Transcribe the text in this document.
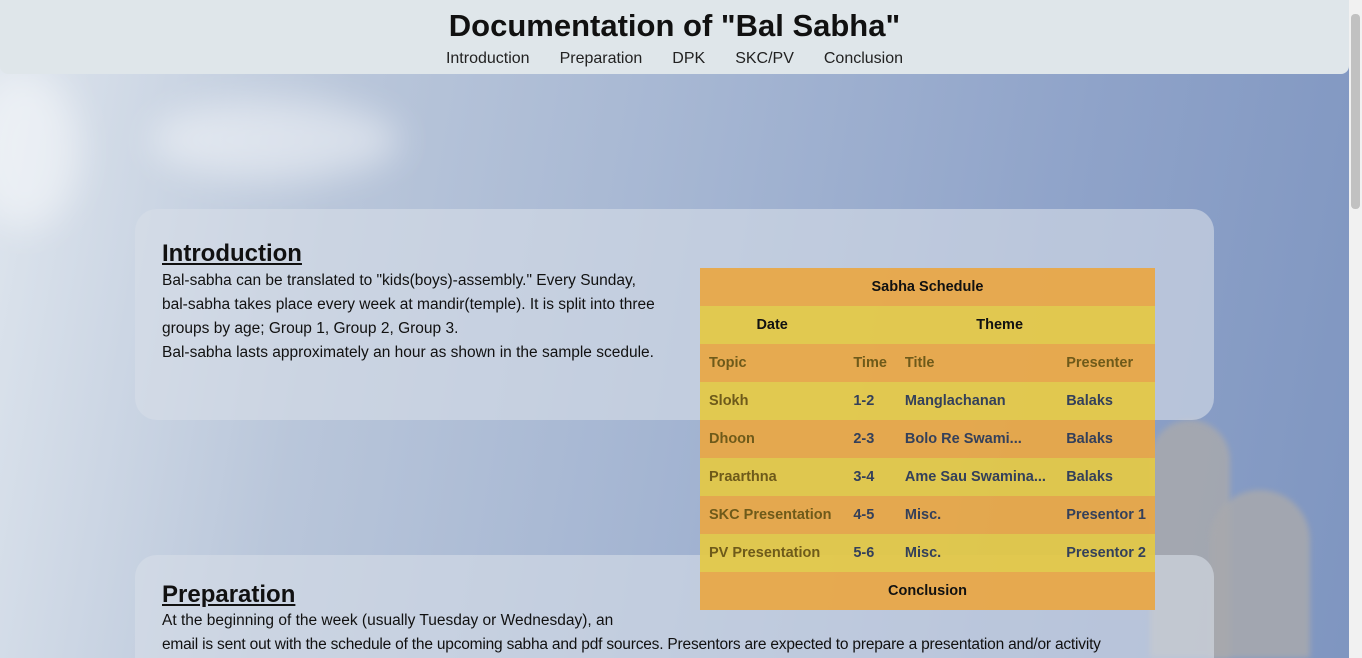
Documentation of "Bal Sabha"
Introduction Preparation DPK SKC/PV Conclusion
Introduction

Bal-sabha can be translated to "kids(boys)-assembly." Every Sunday, bal-sabha takes place every week at mandir(temple). It is split into three groups by age; Group 1, Group 2, Group 3.

Bal-sabha lasts approximately an hour as shown in the sample scedule.

Preparation

At the beginning of the week (usually Tuesday or Wednesday), an

email is sent out with the schedule of the upcoming sabha and pdf sources. Presentors are expected to prepare a presentation and/or activity

Sabha Schedule			
Date	Theme		
Topic	Time	Title	Presenter
Slokh	1-2	Manglachanan	Balaks
Dhoon	2-3	Bolo Re Swami...	Balaks
Praarthna	3-4	Ame Sau Swamina...	Balaks
SKC Presentation	4-5	Misc.	Presentor 1
PV Presentation	5-6	Misc.	Presentor 2
Conclusion			
